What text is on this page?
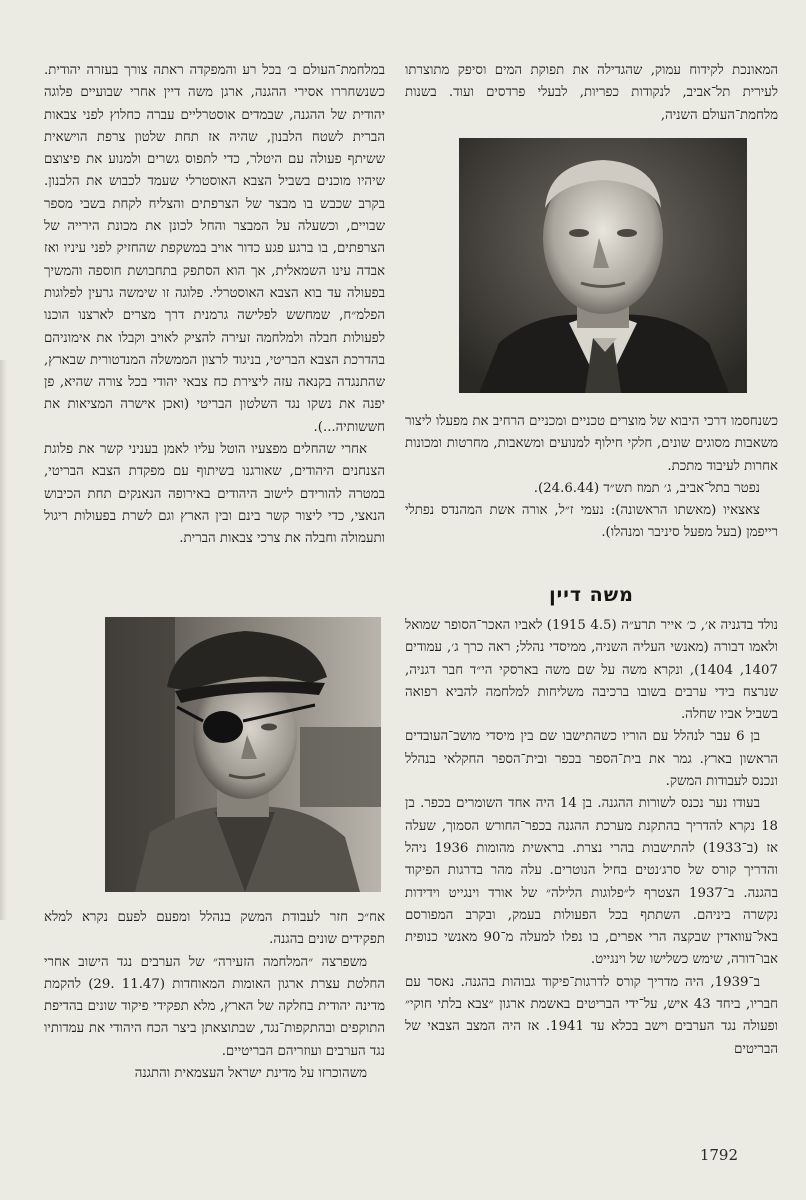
המאונכת לקידוח עמוק, שהגדילה את תפוקת המים וסיפק מתוצרתו לעירית תל־אביב, לנקודות כפריות, לבעלי פרדסים ועוד. בשנות מלחמת־העולם השניה,

כשנחסמו דרכי היבוא של מוצרים טכניים ומכניים הרחיב את מפעלו ליצור משאבות מסוגים שונים, חלקי חילוף למנועים ומשאבות, מחרטות ומכונות אחרות לעיבוד מתכת.

נפטר בתל־אביב, ג׳ תמוז תש״ד (24.6.44).

צאצאיו (מאשתו הראשונה): נעמי ז״ל, אורה אשת המהנדס נפתלי רייפמן (בעל מפעל סיניבר ומנהלו).

משה דיין

נולד בדגניה א׳, כ׳ אייר תרע״ה (4.5 1915) לאביו האכר־הסופר שמואל ולאמו דבורה (מאנשי העליה השניה, ממיסדי נהלל; ראה כרך ג׳, עמודים 1407, 1404), ונקרא משה על שם משה בארסקי הי״ד חבר דגניה, שנרצח בידי ערבים בשובו ברכיבה משליחות למלחמה להביא רפואה בשביל אביו שחלה.

בן 6 עבר לנהלל עם הוריו כשהתישבו שם בין מיסדי מושב־העובדים הראשון בארץ. גמר את בית־הספר בכפר ובית־הספר החקלאי בנהלל ונכנס לעבודות המשק.

בעודו נער נכנס לשורות ההגנה. בן 14 היה אחד השומרים בכפר. בן 18 נקרא להדריך בהתקנת מערכת ההגנה בכפר־החורש הסמוך, שעלה אז (ב־1933) להתישבות בהרי נצרת. בראשית מהומות 1936 ניהל והדריך קורס של סרג׳נטים בחיל הנוטרים. עלה מהר בדרגות הפיקוד בהגנה. ב־1937 הצטרף ל״פלוגות הלילה״ של אורד וינגייט וידידות נקשרה ביניהם. השתתף בכל הפעולות בעמק, ובקרב המפורסם באל־עוואדין שבקצה הרי אפרים, בו נפלו למעלה מ־90 מאנשי כנופית אבו־דורה, שימש כשלישו של וינגייט.

ב־1939, היה מדריך קורס לדרגות־פיקוד גבוהות בהגנה. נאסר עם חבריו, ביחד 43 איש, על־ידי הבריטים באשמת ארגון ״צבא בלתי חוקי״ ופעולה נגד הערבים וישב בכלא עד 1941. אז היה המצב הצבאי של הבריטים

במלחמת־העולם ב׳ בכל רע והמפקדה ראתה צורך בעזרה יהודית. כשנשחררו אסירי ההגנה, ארגן משה דיין אחרי שבועיים פלוגה יהודית של ההגנה, שבמדים אוסטרליים עברה כחלוץ לפני צבאות הברית לשטח הלבנון, שהיה אז תחת שלטון צרפת הוישאית ששיתף פעולה עם היטלר, כדי לתפוס גשרים ולמנוע את פיצוצם שיהיו מוכנים בשביל הצבא האוסטרלי שעמד לכבוש את הלבנון. בקרב שכבש בו מבצר של הצרפתים והצליח לקחת בשבי מספר שבויים, וכשעלה על המבצר והחל לכונן את מכונת הירייה של הצרפתים, בו ברגע פגע כדור אויב במשקפת שהחזיק לפני עיניו ואז אבדה עינו השמאלית, אך הוא הסתפק בתחבושת חוספה והמשיך בפעולה עד בוא הצבא האוסטרלי. פלוגה זו שימשה גרעין לפלוגות הפלמ״ח, שמחשש לפלישה גרמנית דרך מצרים לארצנו הוכנו לפעולות חבלה ולמלחמה זעירה להציק לאויב וקבלו את אימוניהם בהדרכת הצבא הבריטי, בניגוד לרצון הממשלה המנדטורית שבארץ, שהתנגדה בקנאה עזה ליצירת כח צבאי יהודי בכל צורה שהיא, פן יפנה את נשקו נגד השלטון הבריטי (ואכן אישרה המציאות את חששותיה...).

אחרי שהחלים מפצעיו הוטל עליו לאמן בעניני קשר את פלוגת הצנחנים היהודים, שאורגנו בשיתוף עם מפקדת הצבא הבריטי, במטרה להורידם לישוב היהודים באירופה הנאנקים תחת הכיבוש הנאצי, כדי ליצור קשר בינם ובין הארץ וגם לשרת בפעולות ריגול ותעמולה וחבלה את צרכי צבאות הברית.

אח״כ חזר לעבודת המשק בנהלל ומפעם לפעם נקרא למלא תפקידים שונים בהגנה.

משפרצה ״המלחמה הזעירה״ של הערבים נגד הישוב אחרי החלטת עצרת ארגון האומות המאוחדות (11.47 .29) להקמת מדינה יהודית בחלקה של הארץ, מלא תפקידי פיקוד שונים בהדיפת התוקפים ובהתקפות־נגד, שבתוצאתן ביצר הכח היהודי את עמדותיו נגד הערבים ועוזריהם הבריטיים.

משהוכרזו על מדינת ישראל העצמאית והתגנה

1792
